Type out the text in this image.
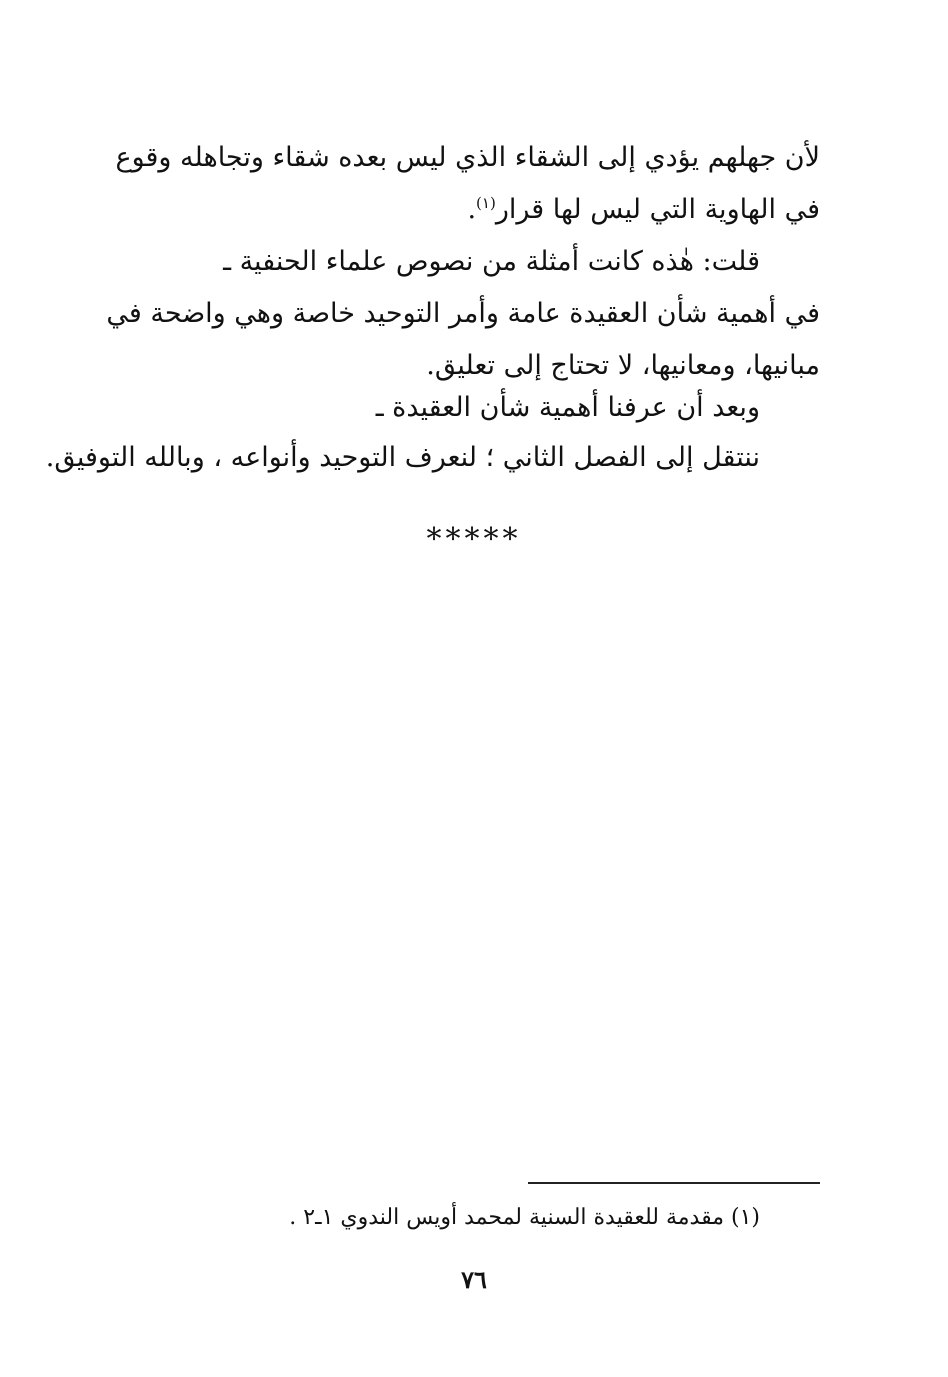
لأن جهلهم يؤدي إلى الشقاء الذي ليس بعده شقاء وتجاهله وقوع
في الهاوية التي ليس لها قرار$^{(١)}$.
قلت: هٰذه كانت أمثلة من نصوص علماء الحنفية ـ
في أهمية شأن العقيدة عامة وأمر التوحيد خاصة وهي واضحة في
مبانيها، ومعانيها، لا تحتاج إلى تعليق.
وبعد أن عرفنا أهمية شأن العقيدة ـ
ننتقل إلى الفصل الثاني ؛ لنعرف التوحيد وأنواعه ، وبالله التوفيق.
*****
(١) مقدمة للعقيدة السنية لمحمد أويس الندوي ١ـ٢ .
٧٦
